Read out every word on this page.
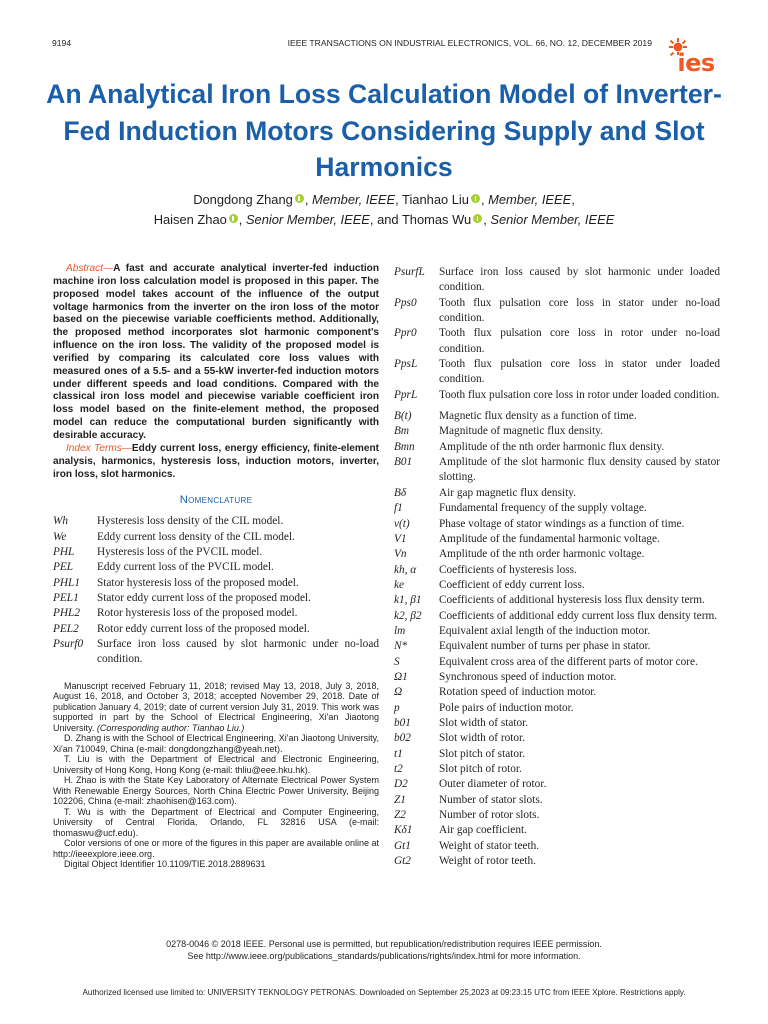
9194	IEEE TRANSACTIONS ON INDUSTRIAL ELECTRONICS, VOL. 66, NO. 12, DECEMBER 2019
ies
An Analytical Iron Loss Calculation Model of Inverter-Fed Induction Motors Considering Supply and Slot Harmonics
Dongdong Zhang , Member, IEEE, Tianhao Liu , Member, IEEE,
Haisen Zhao , Senior Member, IEEE, and Thomas Wu , Senior Member, IEEE

Abstract—A fast and accurate analytical inverter-fed induction machine iron loss calculation model is proposed in this paper. The proposed model takes account of the influence of the output voltage harmonics from the inverter on the iron loss of the motor based on the piecewise variable coefficients method. Additionally, the proposed method incorporates slot harmonic component's influence on the iron loss. The validity of the proposed model is verified by comparing its calculated core loss values with measured ones of a 5.5- and a 55-kW inverter-fed induction motors under different speeds and load conditions. Compared with the classical iron loss model and piecewise variable coefficient iron loss model based on the finite-element method, the proposed model can reduce the computational burden significantly with desirable accuracy.

Index Terms—Eddy current loss, energy efficiency, finite-element analysis, harmonics, hysteresis loss, induction motors, inverter, iron loss, slot harmonics.

Nomenclature
Wh	Hysteresis loss density of the CIL model.
We	Eddy current loss density of the CIL model.
PHL	Hysteresis loss of the PVCIL model.
PEL	Eddy current loss of the PVCIL model.
PHL1	Stator hysteresis loss of the proposed model.
PEL1	Stator eddy current loss of the proposed model.
PHL2	Rotor hysteresis loss of the proposed model.
PEL2	Rotor eddy current loss of the proposed model.
Psurf0	Surface iron loss caused by slot harmonic under no-load condition.

Manuscript received February 11, 2018; revised May 13, 2018, July 3, 2018, August 16, 2018, and October 3, 2018; accepted November 29, 2018. Date of publication January 4, 2019; date of current version July 31, 2019. This work was supported in part by the School of Electrical Engineering, Xi'an Jiaotong University. (Corresponding author: Tianhao Liu.)

D. Zhang is with the School of Electrical Engineering, Xi'an Jiaotong University, Xi'an 710049, China (e-mail: dongdongzhang@yeah.net).

T. Liu is with the Department of Electrical and Electronic Engineering, University of Hong Kong, Hong Kong (e-mail: thliu@eee.hku.hk).

H. Zhao is with the State Key Laboratory of Alternate Electrical Power System With Renewable Energy Sources, North China Electric Power University, Beijing 102206, China (e-mail: zhaohisen@163.com).

T. Wu is with the Department of Electrical and Computer Engineering, University of Central Florida, Orlando, FL 32816 USA (e-mail: thomaswu@ucf.edu).

Color versions of one or more of the figures in this paper are available online at http://ieeexplore.ieee.org.

Digital Object Identifier 10.1109/TIE.2018.2889631

PsurfL	Surface iron loss caused by slot harmonic under loaded condition.
Pps0	Tooth flux pulsation core loss in stator under no-load condition.
Ppr0	Tooth flux pulsation core loss in rotor under no-load condition.
PpsL	Tooth flux pulsation core loss in stator under loaded condition.
PprL	Tooth flux pulsation core loss in rotor under loaded condition.
B(t)	Magnetic flux density as a function of time.
Bm	Magnitude of magnetic flux density.
Bmn	Amplitude of the nth order harmonic flux density.
B01	Amplitude of the slot harmonic flux density caused by stator slotting.
Bδ	Air gap magnetic flux density.
f1	Fundamental frequency of the supply voltage.
v(t)	Phase voltage of stator windings as a function of time.
V1	Amplitude of the fundamental harmonic voltage.
Vn	Amplitude of the nth order harmonic voltage.
kh, α	Coefficients of hysteresis loss.
ke	Coefficient of eddy current loss.
k1, β1	Coefficients of additional hysteresis loss flux density term.
k2, β2	Coefficients of additional eddy current loss flux density term.
lm	Equivalent axial length of the induction motor.
N*	Equivalent number of turns per phase in stator.
S	Equivalent cross area of the different parts of motor core.
Ω1	Synchronous speed of induction motor.
Ω	Rotation speed of induction motor.
p	Pole pairs of induction motor.
b01	Slot width of stator.
b02	Slot width of rotor.
t1	Slot pitch of stator.
t2	Slot pitch of rotor.
D2	Outer diameter of rotor.
Z1	Number of stator slots.
Z2	Number of rotor slots.
Kδ1	Air gap coefficient.
Gt1	Weight of stator teeth.
Gt2	Weight of rotor teeth.
0278-0046 © 2018 IEEE. Personal use is permitted, but republication/redistribution requires IEEE permission.
See http://www.ieee.org/publications_standards/publications/rights/index.html for more information.
Authorized licensed use limited to: UNIVERSITY TEKNOLOGY PETRONAS. Downloaded on September 25,2023 at 09:23:15 UTC from IEEE Xplore. Restrictions apply.
